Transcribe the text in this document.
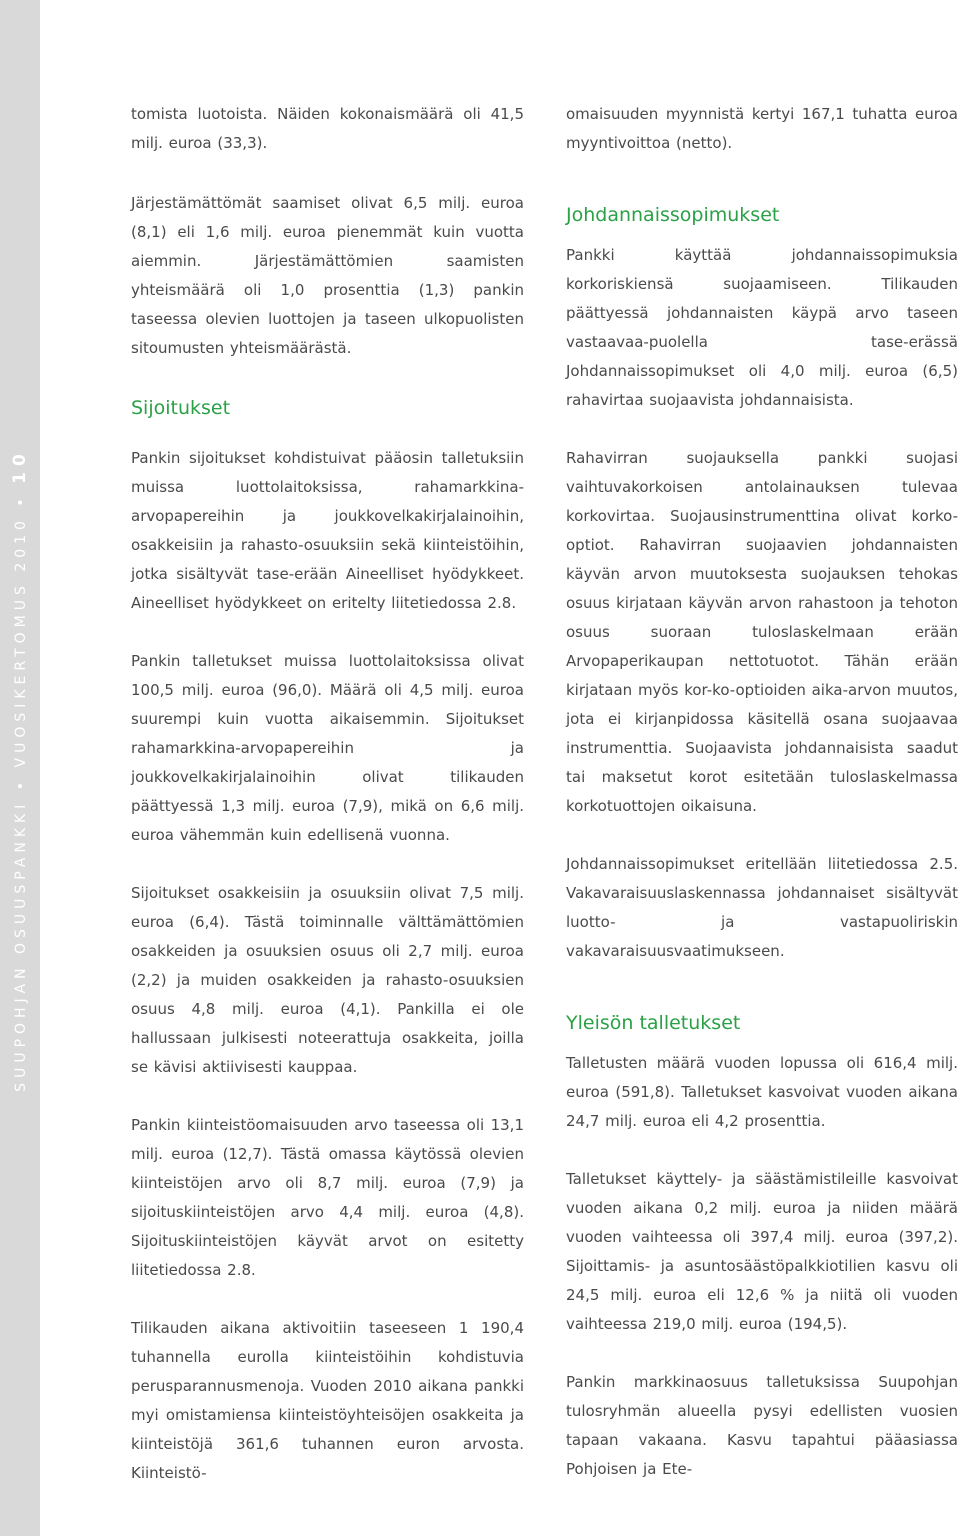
SUUPOHJAN OSUUSPANKKI • VUOSIKERTOMUS 2010 • 10

tomista luotoista. Näiden kokonaismäärä oli 41,5 milj. euroa (33,3).

Järjestämättömät saamiset olivat 6,5 milj. euroa (8,1) eli 1,6 milj. euroa pienemmät kuin vuotta aiemmin. Järjestämättömien saamisten yhteismäärä oli 1,0 prosenttia (1,3) pankin taseessa olevien luottojen ja taseen ulkopuolisten sitoumusten yhteismäärästä.

Sijoitukset

Pankin sijoitukset kohdistuivat pääosin talletuksiin muissa luottolaitoksissa, rahamarkkina-arvopapereihin ja joukkovelkakirjalainoihin, osakkeisiin ja rahasto-osuuksiin sekä kiinteistöihin, jotka sisältyvät tase-erään Aineelliset hyödykkeet. Aineelliset hyödykkeet on eritelty liitetiedossa 2.8.

Pankin talletukset muissa luottolaitoksissa olivat 100,5 milj. euroa (96,0). Määrä oli 4,5 milj. euroa suurempi kuin vuotta aikaisemmin. Sijoitukset rahamarkkina-arvopapereihin ja joukkovelkakirjalainoihin olivat tilikauden päättyessä 1,3 milj. euroa (7,9), mikä on 6,6 milj. euroa vähemmän kuin edellisenä vuonna.

Sijoitukset osakkeisiin ja osuuksiin olivat 7,5 milj. euroa (6,4). Tästä toiminnalle välttämättömien osakkeiden ja osuuksien osuus oli 2,7 milj. euroa (2,2) ja muiden osakkeiden ja rahasto-osuuksien osuus 4,8 milj. euroa (4,1). Pankilla ei ole hallussaan julkisesti noteerattuja osakkeita, joilla se kävisi aktiivisesti kauppaa.

Pankin kiinteistöomaisuuden arvo taseessa oli 13,1 milj. euroa (12,7). Tästä omassa käytössä olevien kiinteistöjen arvo oli 8,7 milj. euroa (7,9) ja sijoituskiinteistöjen arvo 4,4 milj. euroa (4,8). Sijoituskiinteistöjen käyvät arvot on esitetty liitetiedossa 2.8.

Tilikauden aikana aktivoitiin taseeseen 1 190,4 tuhannella eurolla kiinteistöihin kohdistuvia perusparannusmenoja. Vuoden 2010 aikana pankki myi omistamiensa kiinteistöyhteisöjen osakkeita ja kiinteistöjä 361,6 tuhannen euron arvosta. Kiinteistö-

omaisuuden myynnistä kertyi 167,1 tuhatta euroa myyntivoittoa (netto).

Johdannaissopimukset

Pankki käyttää johdannaissopimuksia korkoriskiensä suojaamiseen. Tilikauden päättyessä johdannaisten käypä arvo taseen vastaavaa-puolella tase-erässä Johdannaissopimukset oli 4,0 milj. euroa (6,5) rahavirtaa suojaavista johdannaisista.

Rahavirran suojauksella pankki suojasi vaihtuvakorkoisen antolainauksen tulevaa korkovirtaa. Suojausinstrumenttina olivat korko-optiot. Rahavirran suojaavien johdannaisten käyvän arvon muutoksesta suojauksen tehokas osuus kirjataan käyvän arvon rahastoon ja tehoton osuus suoraan tuloslaskelmaan erään Arvopaperikaupan nettotuotot. Tähän erään kirjataan myös kor-ko-optioiden aika-arvon muutos, jota ei kirjanpidossa käsitellä osana suojaavaa instrumenttia. Suojaavista johdannaisista saadut tai maksetut korot esitetään tuloslaskelmassa korkotuottojen oikaisuna.

Johdannaissopimukset eritellään liitetiedossa 2.5. Vakavaraisuuslaskennassa johdannaiset sisältyvät luotto- ja vastapuoliriskin vakavaraisuusvaatimukseen.

Yleisön talletukset

Talletusten määrä vuoden lopussa oli 616,4 milj. euroa (591,8). Talletukset kasvoivat vuoden aikana 24,7 milj. euroa eli 4,2 prosenttia.

Talletukset käyttely- ja säästämistileille kasvoivat vuoden aikana 0,2 milj. euroa ja niiden määrä vuoden vaihteessa oli 397,4 milj. euroa (397,2). Sijoittamis- ja asuntosäästöpalkkiotilien kasvu oli 24,5 milj. euroa eli 12,6 % ja niitä oli vuoden vaihteessa 219,0 milj. euroa (194,5).

Pankin markkinaosuus talletuksissa Suupohjan tulosryhmän alueella pysyi edellisten vuosien tapaan vakaana. Kasvu tapahtui pääasiassa Pohjoisen ja Ete-
